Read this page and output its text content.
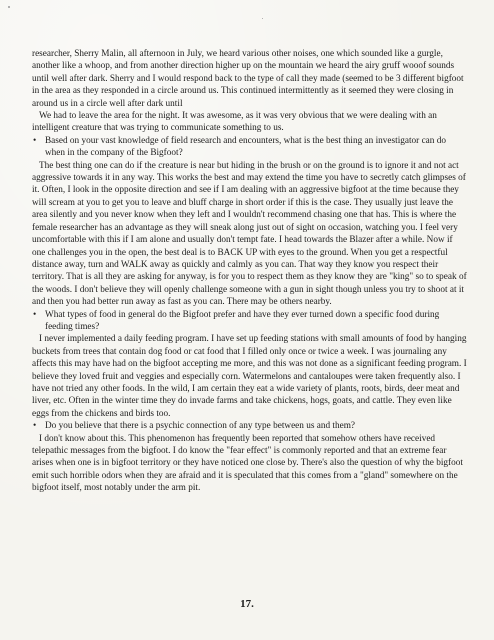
researcher, Sherry Malin, all afternoon in July, we heard various other noises, one which sounded like a gurgle, another like a whoop, and from another direction higher up on the mountain we heard the airy gruff wooof sounds until well after dark. Sherry and I would respond back to the type of call they made (seemed to be 3 different bigfoot in the area as they responded in a circle around us. This continued intermittently as it seemed they were closing in around us in a circle well after dark until

We had to leave the area for the night. It was awesome, as it was very obvious that we were dealing with an intelligent creature that was trying to communicate something to us.

• Based on your vast knowledge of field research and encounters, what is the best thing an investigator can do when in the company of the Bigfoot?

The best thing one can do if the creature is near but hiding in the brush or on the ground is to ignore it and not act aggressive towards it in any way. This works the best and may extend the time you have to secretly catch glimpses of it. Often, I look in the opposite direction and see if I am dealing with an aggressive bigfoot at the time because they will scream at you to get you to leave and bluff charge in short order if this is the case. They usually just leave the area silently and you never know when they left and I wouldn't recommend chasing one that has. This is where the female researcher has an advantage as they will sneak along just out of sight on occasion, watching you. I feel very uncomfortable with this if I am alone and usually don't tempt fate. I head towards the Blazer after a while. Now if one challenges you in the open, the best deal is to BACK UP with eyes to the ground. When you get a respectful distance away, turn and WALK away as quickly and calmly as you can. That way they know you respect their territory. That is all they are asking for anyway, is for you to respect them as they know they are "king" so to speak of the woods. I don't believe they will openly challenge someone with a gun in sight though unless you try to shoot at it and then you had better run away as fast as you can. There may be others nearby.

• What types of food in general do the Bigfoot prefer and have they ever turned down a specific food during feeding times?

I never implemented a daily feeding program. I have set up feeding stations with small amounts of food by hanging buckets from trees that contain dog food or cat food that I filled only once or twice a week. I was journaling any affects this may have had on the bigfoot accepting me more, and this was not done as a significant feeding program. I believe they loved fruit and veggies and especially corn. Watermelons and cantaloupes were taken frequently also. I have not tried any other foods. In the wild, I am certain they eat a wide variety of plants, roots, birds, deer meat and liver, etc. Often in the winter time they do invade farms and take chickens, hogs, goats, and cattle. They even like eggs from the chickens and birds too.

• Do you believe that there is a psychic connection of any type between us and them?

I don't know about this. This phenomenon has frequently been reported that somehow others have received telepathic messages from the bigfoot. I do know the "fear effect" is commonly reported and that an extreme fear arises when one is in bigfoot territory or they have noticed one close by. There's also the question of why the bigfoot emit such horrible odors when they are afraid and it is speculated that this comes from a "gland" somewhere on the bigfoot itself, most notably under the arm pit.

17.
